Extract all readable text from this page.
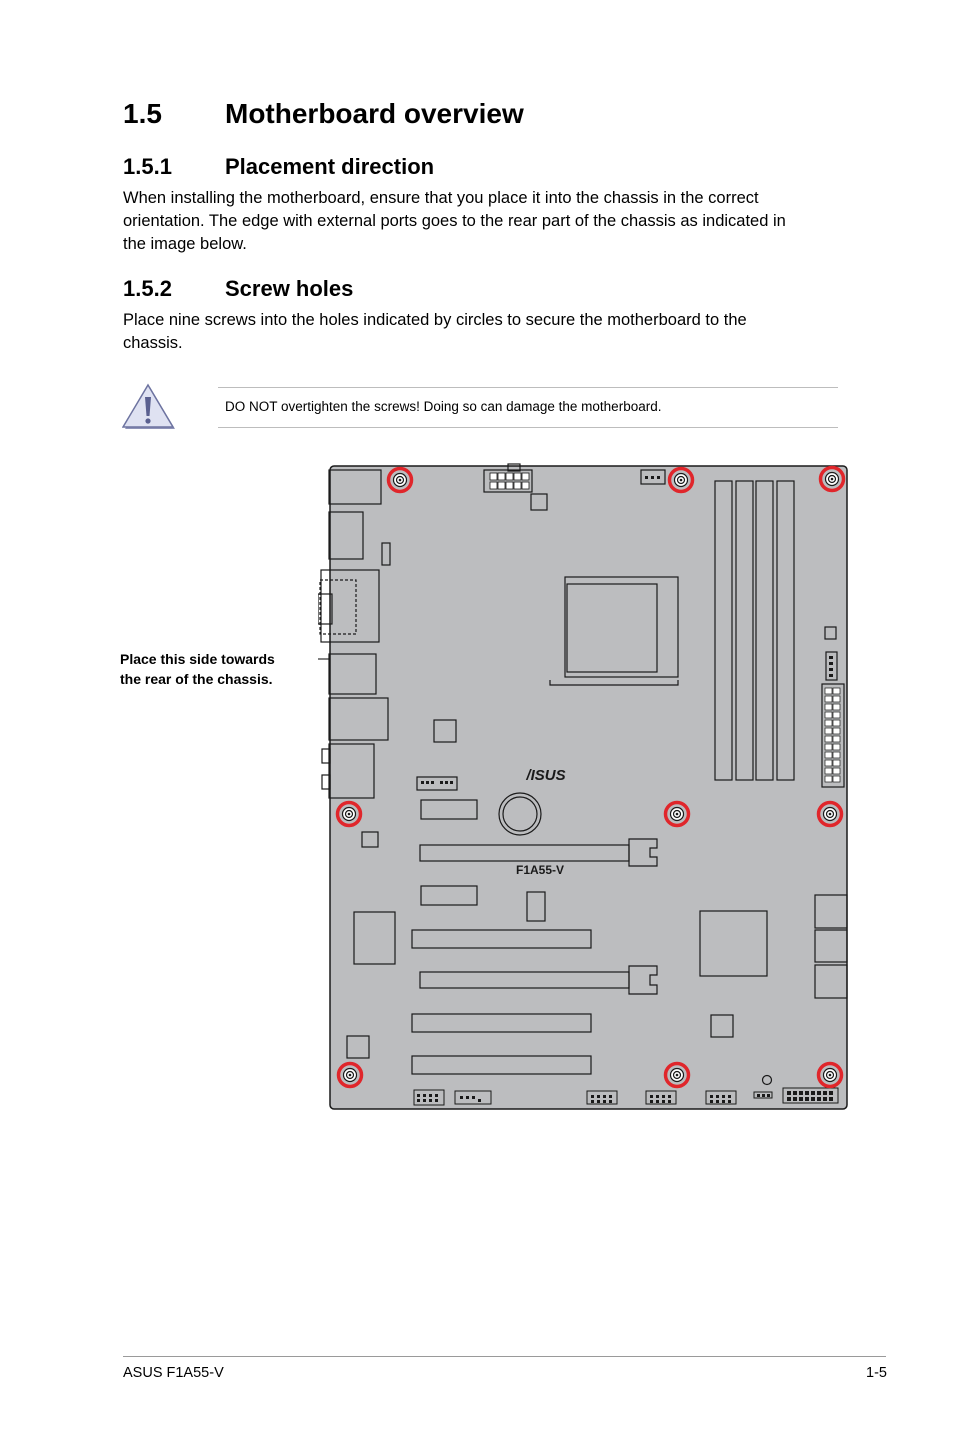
1.5 Motherboard overview
1.5.1 Placement direction

When installing the motherboard, ensure that you place it into the chassis in the correct

orientation. The edge with external ports goes to the rear part of the chassis as indicated in

the image below.

1.5.2 Screw holes

Place nine screws into the holes indicated by circles to secure the motherboard to the

chassis.

DO NOT overtighten the screws! Doing so can damage the motherboard.
Place this side towards
the rear of the chassis.
/ISUS
F1A55-V
ASUS F1A55-V	1-5
